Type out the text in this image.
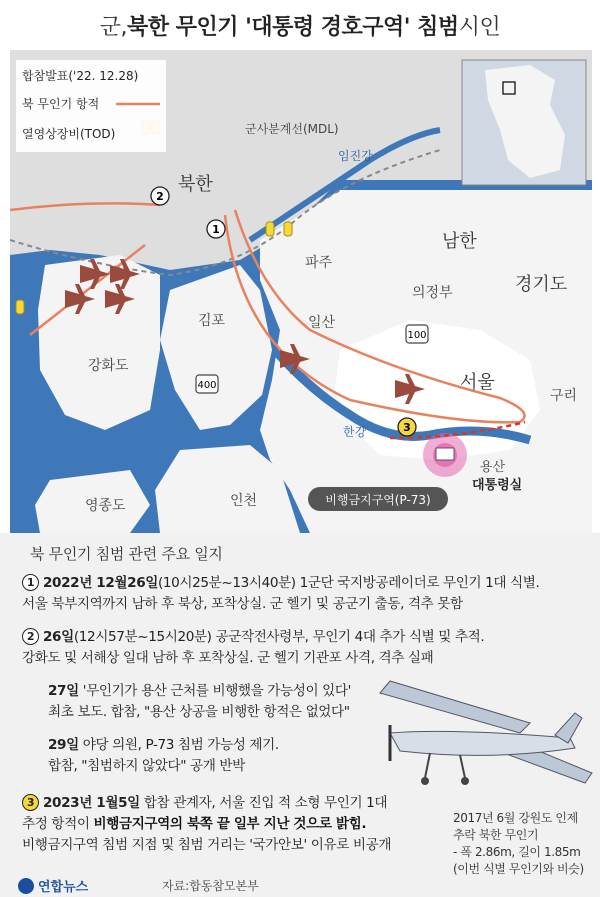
군, 북한 무인기 '대통령 경호구역' 침범 시인
100
400
2
1
3
군사분계선(MDL)
임진강
북한
남한
파주
의정부	경기도
김포	일산
서울
구리
강화도
한강
용산
대통령실
영종도	인천	비행금지구역(P-73)
합참발표('22. 12.28)
북 무인기 항적
열영상장비(TOD)
북 무인기 침범 관련 주요 일지
1 2022년 12월26일(10시25분~13시40분) 1군단 국지방공레이더로 무인기 1대 식별.
서울 북부지역까지 남하 후 북상, 포착상실. 군 헬기 및 공군기 출동, 격추 못함
2 26일(12시57분~15시20분) 공군작전사령부, 무인기 4대 추가 식별 및 추적.
강화도 및 서해상 일대 남하 후 포착상실. 군 헬기 기관포 사격, 격추 실패
27일 '무인기가 용산 근처를 비행했을 가능성이 있다'
최초 보도. 합참, "용산 상공을 비행한 항적은 없었다"
29일 야당 의원, P-73 침범 가능성 제기.
합참, "침범하지 않았다" 공개 반박
3 2023년 1월5일 합참 관계자, 서울 진입 적 소형 무인기 1대
추정 항적이 비행금지구역의 북쪽 끝 일부 지난 것으로 밝힘.
비행금지구역 침범 지점 및 침범 거리는 '국가안보' 이유로 비공개
2017년 6월 강원도 인제
추락 북한 무인기
- 폭 2.86m, 길이 1.85m
(이번 식별 무인기와 비슷)
연합뉴스	자료:합동참모본부
